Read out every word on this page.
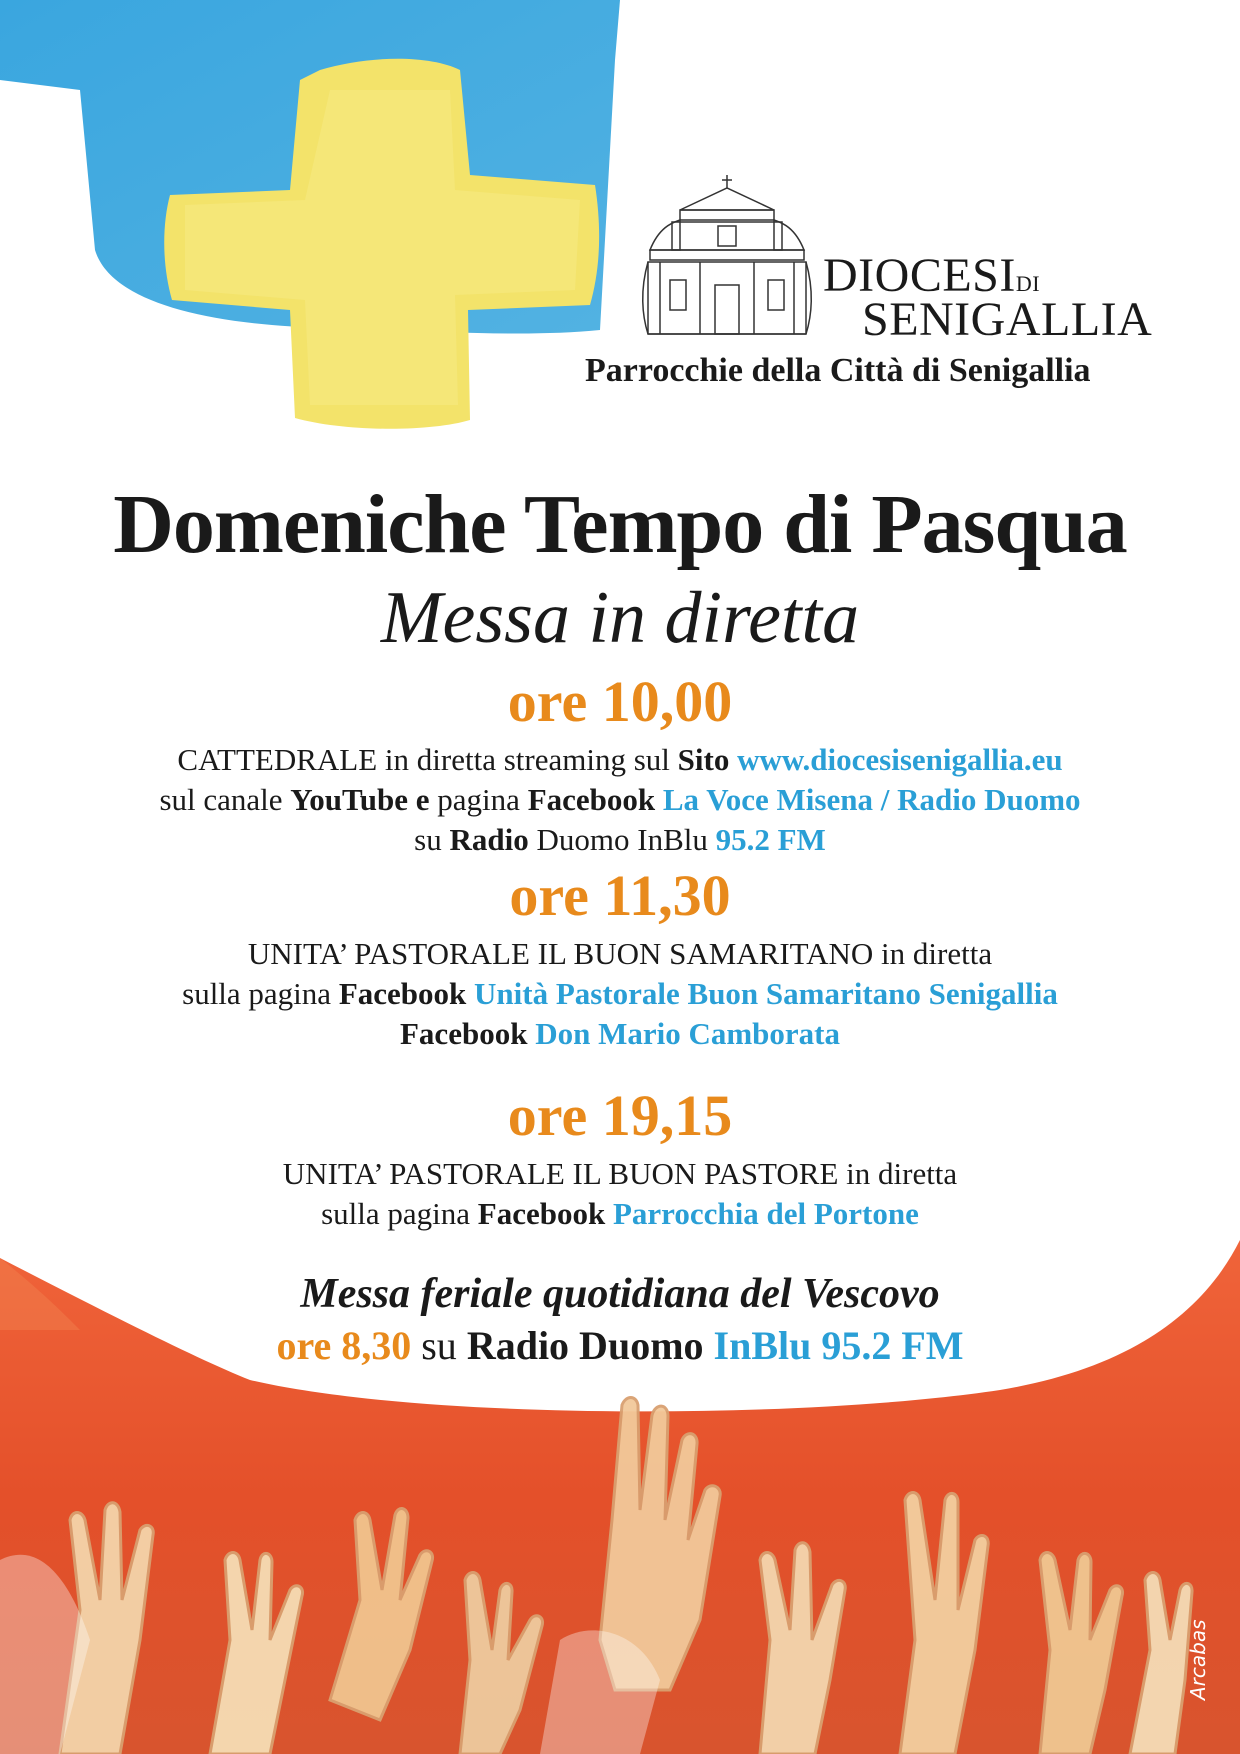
DIOCESIDI
SENIGALLIA
Parrocchie della Città di Senigallia
Domeniche Tempo di Pasqua
Messa in diretta
ore 10,00
CATTEDRALE in diretta streaming sul Sito www.diocesisenigallia.eu
sul canale YouTube e pagina Facebook La Voce Misena / Radio Duomo
su Radio Duomo InBlu 95.2 FM
ore 11,30
UNITA’ PASTORALE IL BUON SAMARITANO in diretta
sulla pagina Facebook Unità Pastorale Buon Samaritano Senigallia
Facebook Don Mario Camborata
ore 19,15
UNITA’ PASTORALE IL BUON PASTORE in diretta
sulla pagina Facebook Parrocchia del Portone
Messa feriale quotidiana del Vescovo
ore 8,30 su Radio Duomo InBlu 95.2 FM
Arcabas
